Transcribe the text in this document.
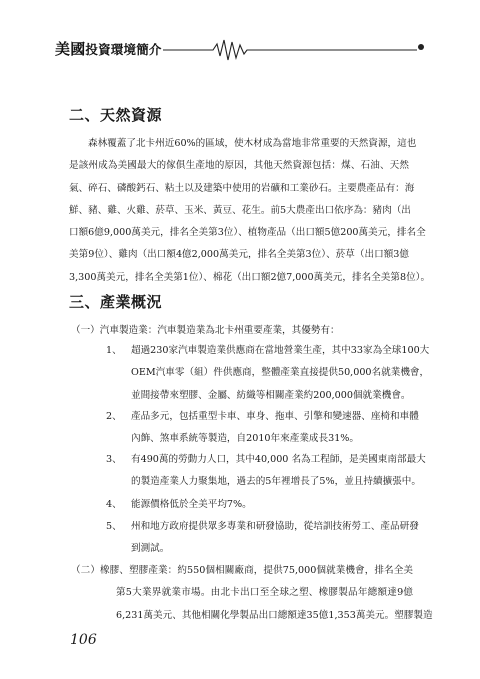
美國投資環境簡介
二、天然資源
森林覆蓋了北卡州近60%的區域，使木材成為當地非常重要的天然資源，這也
是該州成為美國最大的傢俱生產地的原因，其他天然資源包括：煤、石油、天然
氣、碎石、磷酸鈣石、粘土以及建築中使用的岩礦和工業砂石。主要農產品有：海
鮮、豬、雞、火雞、菸草、玉米、黃豆、花生。前5大農產出口依序為：豬肉（出
口額6億9,000萬美元，排名全美第3位）、植物產品（出口額5億200萬美元，排名全
美第9位）、雞肉（出口額4億2,000萬美元，排名全美第3位）、菸草（出口額3億
3,300萬美元，排名全美第1位）、棉花（出口額2億7,000萬美元，排名全美第8位）。
三、產業概況
（一）汽車製造業：汽車製造業為北卡州重要產業，其優勢有：
1、 超過230家汽車製造業供應商在當地營業生產，其中33家為全球100大
OEM汽車零（組）件供應商，整體產業直接提供50,000名就業機會，
並間接帶來塑膠、金屬、紡織等相關產業約200,000個就業機會。
2、 產品多元，包括重型卡車、車身、拖車、引擎和變速器、座椅和車體
內飾、煞車系統等製造，自2010年來產業成長31%。
3、 有490萬的勞動力人口，其中40,000 名為工程師，是美國東南部最大
的製造產業人力聚集地，過去的5年裡增長了5%，並且持續擴張中。
4、 能源價格低於全美平均7%。
5、 州和地方政府提供眾多專業和研發協助，從培訓技術勞工、產品研發
到測試。
（二）橡膠、塑膠產業：約550個相關廠商，提供75,000個就業機會，排名全美
第5大業界就業市場。由北卡出口至全球之塑、橡膠製品年總額達9億
6,231萬美元、其他相關化學製品出口總額達35億1,353萬美元。塑膠製造
106
